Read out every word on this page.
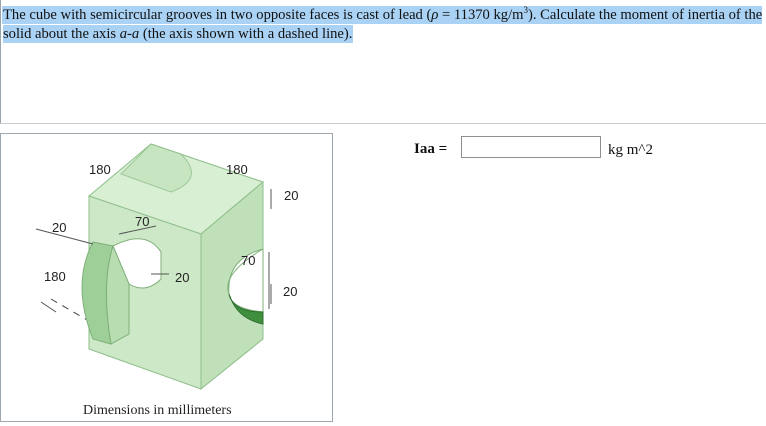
The cube with semicircular grooves in two opposite faces is cast of lead (ρ = 11370 $kg/m^3$). Calculate the moment of inertia of the solid about the axis a-a (the axis shown with a dashed line).
180	180
20
180
70
20
20
70
20
Dimensions in millimeters
Iaa =	kg m^2
